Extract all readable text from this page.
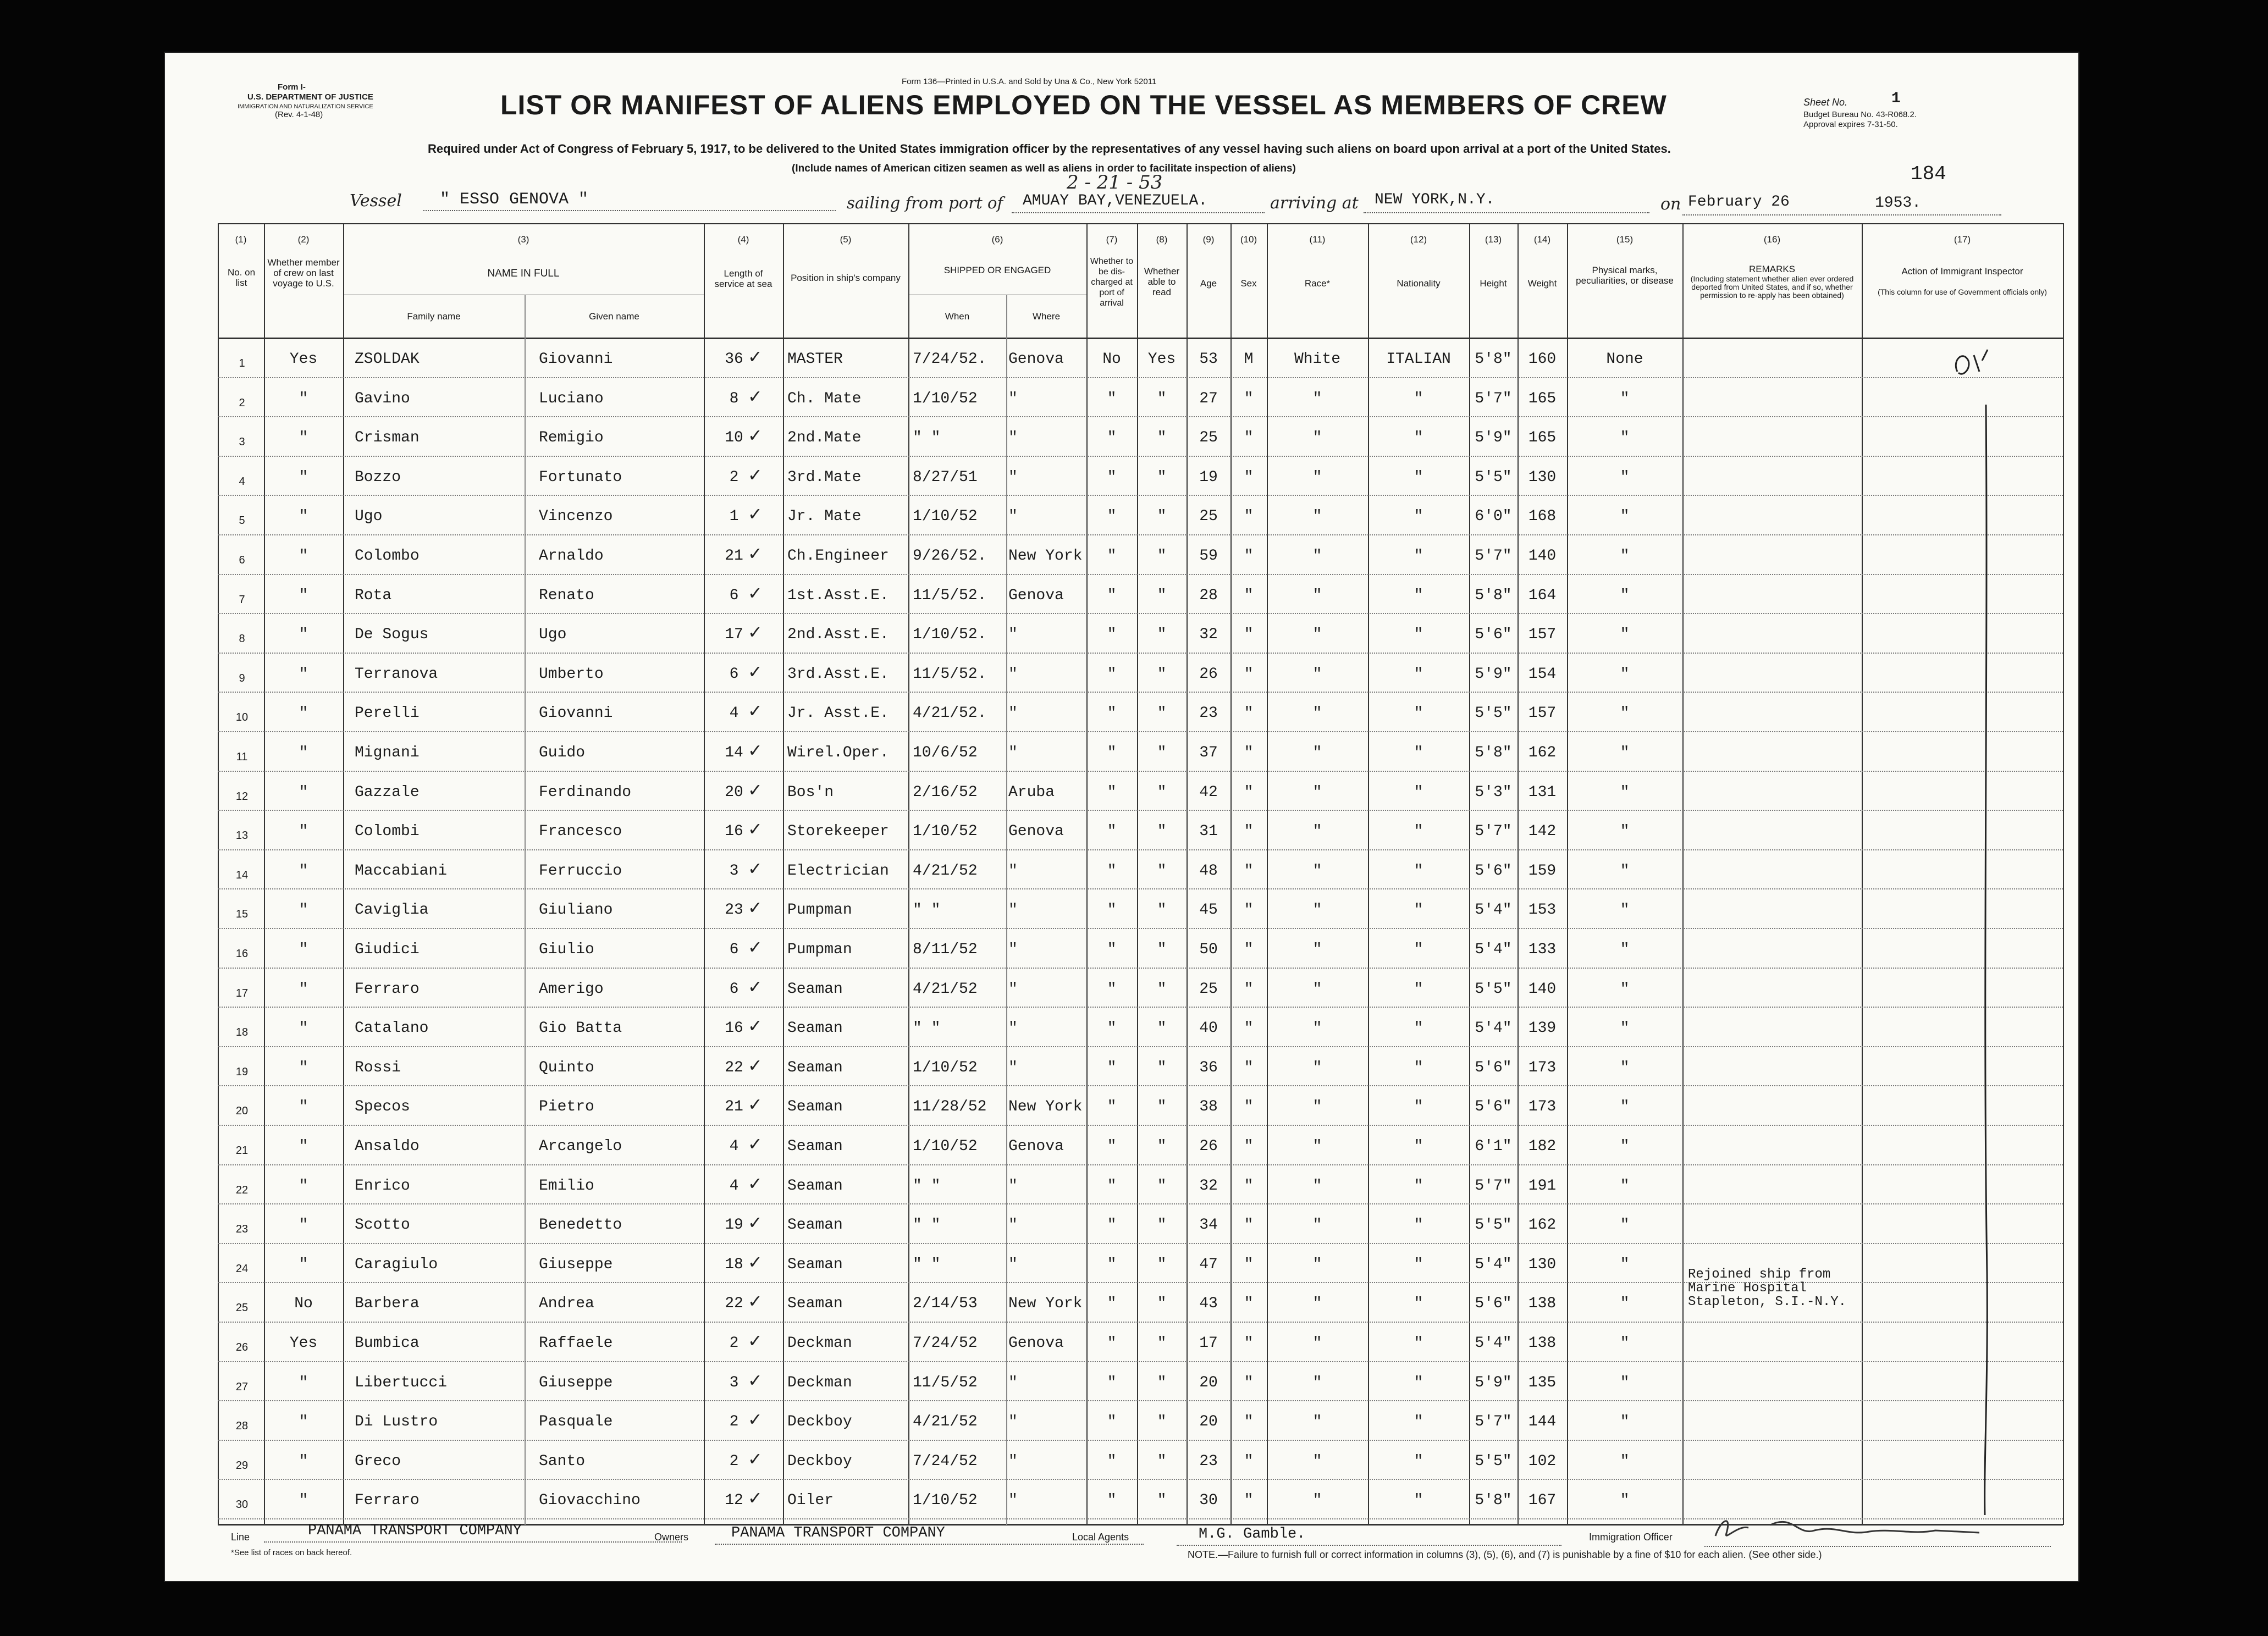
Form I-
U.S. DEPARTMENT OF JUSTICE
IMMIGRATION AND NATURALIZATION SERVICE
(Rev. 4-1-48)
Form 136—Printed in U.S.A. and Sold by Una & Co., New York 52011
LIST OR MANIFEST OF ALIENS EMPLOYED ON THE VESSEL AS MEMBERS OF CREW
Required under Act of Congress of February 5, 1917, to be delivered to the United States immigration officer by the representatives of any vessel having such aliens on board upon arrival at a port of the United States.
(Include names of American citizen seamen as well as aliens in order to facilitate inspection of aliens)
Sheet No.	1
Budget Bureau No. 43-R068.2.
Approval expires 7-31-50.
184
Vessel " ESSO GENOVA "	sailing from port of AMUAY BAY,VENEZUELA.
2 - 21 - 53
arriving at NEW YORK,N.Y.	on February 26	1953.
(1)	(2)	(3)	(4)	(5)	(6)	(7)	(8)	(9)	(10)	(11)	(12)	(13)	(14)	(15)	(16)	(17)
No. on list
Whether member of crew on last voyage to U.S.
NAME IN FULL
Family name	Given name
Length of service at sea
Position in ship's company
SHIPPED OR ENGAGED
When	Where
Whether to be dis-charged at port of arrival
Whether able to read
Age	Sex	Race*	Nationality	Height	Weight
Physical marks, peculiarities, or disease
REMARKS
(Including statement whether alien ever ordered deported from United States, and if so, whether permission to re-apply has been obtained)
Action of Immigrant Inspector
(This column for use of Government officials only)
1	Yes	ZSOLDAK	Giovanni	36	MASTER	7/24/52.	Genova	No	Yes	53	M	White	ITALIAN	5'8"	160	None
✓
2	"	Gavino	Luciano	8	Ch. Mate	1/10/52	"	"	"	27	"	"	"	5'7"	165	"
✓
3	"	Crisman	Remigio	10	2nd.Mate	" "	"	"	"	25	"	"	"	5'9"	165	"
✓
4	"	Bozzo	Fortunato	2	3rd.Mate	8/27/51	"	"	"	19	"	"	"	5'5"	130	"
✓
5	"	Ugo	Vincenzo	1	Jr. Mate	1/10/52	"	"	"	25	"	"	"	6'0"	168	"
✓
6	"	Colombo	Arnaldo	21	Ch.Engineer	9/26/52.	New York	"	"	59	"	"	"	5'7"	140	"
✓
7	"	Rota	Renato	6	1st.Asst.E.	11/5/52.	Genova	"	"	28	"	"	"	5'8"	164	"
✓
8	"	De Sogus	Ugo	17	2nd.Asst.E.	1/10/52.	"	"	"	32	"	"	"	5'6"	157	"
✓
9	"	Terranova	Umberto	6	3rd.Asst.E.	11/5/52.	"	"	"	26	"	"	"	5'9"	154	"
✓
10	"	Perelli	Giovanni	4	Jr. Asst.E.	4/21/52.	"	"	"	23	"	"	"	5'5"	157	"
✓
11	"	Mignani	Guido	14	Wirel.Oper.	10/6/52	"	"	"	37	"	"	"	5'8"	162	"
✓
12	"	Gazzale	Ferdinando	20	Bos'n	2/16/52	Aruba	"	"	42	"	"	"	5'3"	131	"
✓
13	"	Colombi	Francesco	16	Storekeeper	1/10/52	Genova	"	"	31	"	"	"	5'7"	142	"
✓
14	"	Maccabiani	Ferruccio	3	Electrician	4/21/52	"	"	"	48	"	"	"	5'6"	159	"
✓
15	"	Caviglia	Giuliano	23	Pumpman	" "	"	"	"	45	"	"	"	5'4"	153	"
✓
16	"	Giudici	Giulio	6	Pumpman	8/11/52	"	"	"	50	"	"	"	5'4"	133	"
✓
17	"	Ferraro	Amerigo	6	Seaman	4/21/52	"	"	"	25	"	"	"	5'5"	140	"
✓
18	"	Catalano	Gio Batta	16	Seaman	" "	"	"	"	40	"	"	"	5'4"	139	"
✓
19	"	Rossi	Quinto	22	Seaman	1/10/52	"	"	"	36	"	"	"	5'6"	173	"
✓
20	"	Specos	Pietro	21	Seaman	11/28/52	New York	"	"	38	"	"	"	5'6"	173	"
✓
21	"	Ansaldo	Arcangelo	4	Seaman	1/10/52	Genova	"	"	26	"	"	"	6'1"	182	"
✓
22	"	Enrico	Emilio	4	Seaman	" "	"	"	"	32	"	"	"	5'7"	191	"
✓
23	"	Scotto	Benedetto	19	Seaman	" "	"	"	"	34	"	"	"	5'5"	162	"
✓
24	"	Caragiulo	Giuseppe	18	Seaman	" "	"	"	"	47	"	"	"	5'4"	130	"
✓
25	No	Barbera	Andrea	22	Seaman	2/14/53	New York	"	"	43	"	"	"	5'6"	138	"
✓
Rejoined ship from Marine Hospital Stapleton, S.I.-N.Y.
26	Yes	Bumbica	Raffaele	2	Deckman	7/24/52	Genova	"	"	17	"	"	"	5'4"	138	"
✓
27	"	Libertucci	Giuseppe	3	Deckman	11/5/52	"	"	"	20	"	"	"	5'9"	135	"
✓
28	"	Di Lustro	Pasquale	2	Deckboy	4/21/52	"	"	"	20	"	"	"	5'7"	144	"
✓
29	"	Greco	Santo	2	Deckboy	7/24/52	"	"	"	23	"	"	"	5'5"	102	"
✓
30	"	Ferraro	Giovacchino	12	Oiler	1/10/52	"	"	"	30	"	"	"	5'8"	167	"
✓
Line	PANAMA TRANSPORT COMPANY	Owners	PANAMA TRANSPORT COMPANY	Local Agents	M.G. Gamble.	Immigration Officer
*See list of races on back hereof.	NOTE.—Failure to furnish full or correct information in columns (3), (5), (6), and (7) is punishable by a fine of $10 for each alien. (See other side.)
